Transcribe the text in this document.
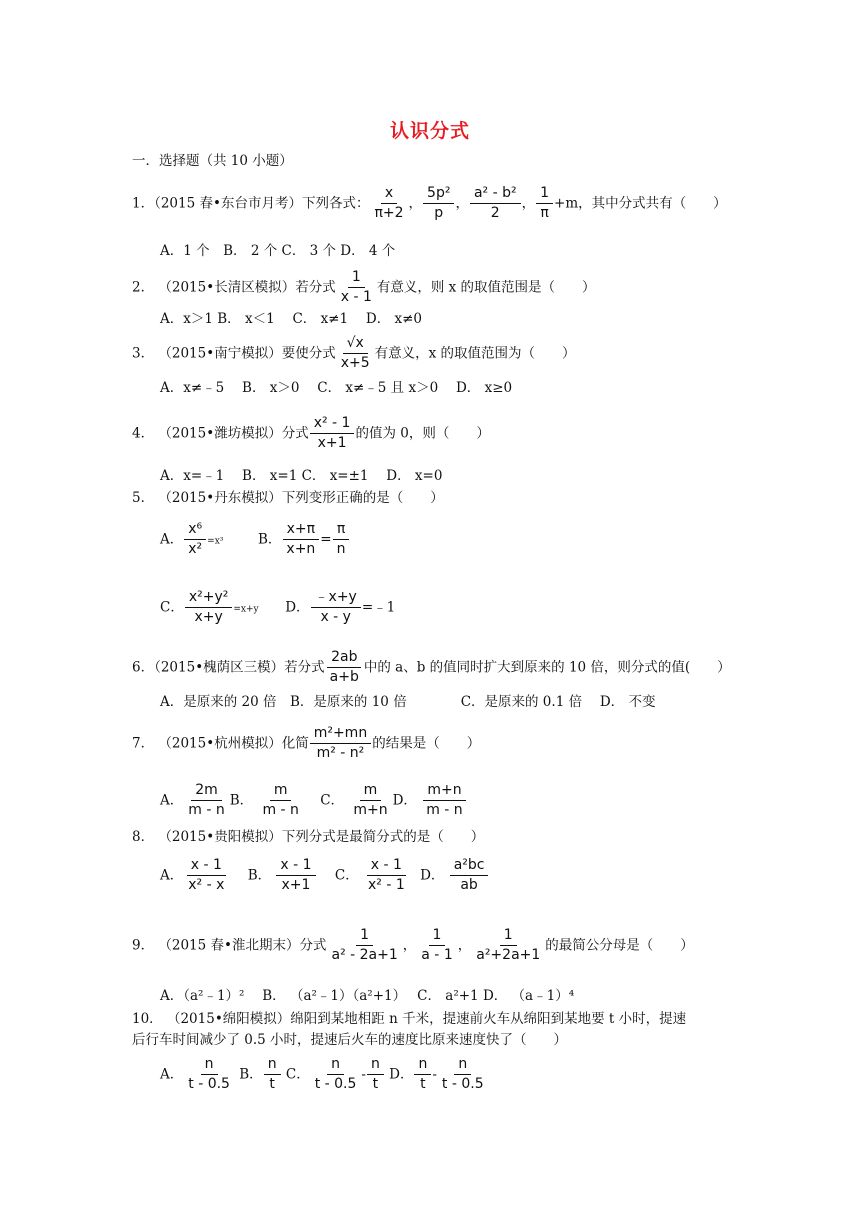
认识分式
一．选择题（共 10 小题）
1．（2015 春•东台市月考）下列各式： $\frac{x}{\pi+2}$ ， $\frac{\text{5p²}}{p}$ ， $\frac{\text{a² - b²}}{2}$ ， $\frac{1}{\pi} +m$，其中分式共有（　　）
A．1 个　B． 2 个 C． 3 个 D． 4 个
2． （2015•长清区模拟）若分式 $\frac{1}{x - 1}$ 有意义，则 x 的取值范围是（　　）
A．x＞1 B． x＜1　 C． x≠1　 D． x≠0
3． （2015•南宁模拟）要使分式 $\frac{√x}{x+5}$ 有意义，x 的取值范围为（　　）
A．x≠﹣5　 B． x＞0　 C． x≠﹣5 且 x＞0　 D． x≥0
4． （2015•潍坊模拟）分式 $\frac{\text{x² - 1}}{x+1}$ 的值为 0，则（　　）
A．x=﹣1　 B． x=1 C． x=±1　 D． x=0
5． （2015•丹东模拟）下列变形正确的是（　　）
A． $\frac{\text{x⁶}}{\text{x²}} =x^3$	B． $\frac{x+\pi}{x+n} = \frac{\pi}{n}$
C． $\frac{\text{x²+y²}}{x+y} =x+y$ D． $\frac{﹣x+y}{x - y}$ =﹣1
6．（2015•槐荫区三模）若分式 $\frac{2ab}{a+b}$ 中的 a、b 的值同时扩大到原来的 10 倍，则分式的值(　　）
A．是原来的 20 倍　B．是原来的 10 倍　　　　C．是原来的 0.1 倍　 D． 不变
7． （2015•杭州模拟）化简 $\frac{\text{m²+mn}}{\text{m² - n²}}$ 的结果是（　　）
A． $\frac{2m}{m - n}$ B． $\frac{m}{m - n}$ C． $\frac{m}{m+n}$ D． $\frac{m+n}{m - n}$
8． （2015•贵阳模拟）下列分式是最简分式的是（　　）
A． $\frac{x - 1}{\text{x² - x}}$ B． $\frac{x - 1}{x+1}$ C． $\frac{x - 1}{\text{x² - 1}}$ D． $\frac{\text{a²bc}}{ab}$
9． （2015 春•淮北期末）分式 $\frac{1}{\text{a² - 2a+1}}$ ， $\frac{1}{a - 1}$ ， $\frac{1}{\text{a²+2a+1}}$ 的最简公分母是（　　）
A．（a²﹣1）²　 B． （a²﹣1）（a²+1）　 C． a²+1 D． （a﹣1）⁴
10． （2015•绵阳模拟）绵阳到某地相距 n 千米，提速前火车从绵阳到某地要 t 小时，提速
后行车时间减少了 0.5 小时，提速后火车的速度比原来速度快了（　　）
A． $\frac{n}{t - 0.5}$ B． $\frac{n}{t}$ C． $\frac{n}{t - 0.5} - \frac{n}{t}$ D． $\frac{n}{t} - \frac{n}{t - 0.5}$
